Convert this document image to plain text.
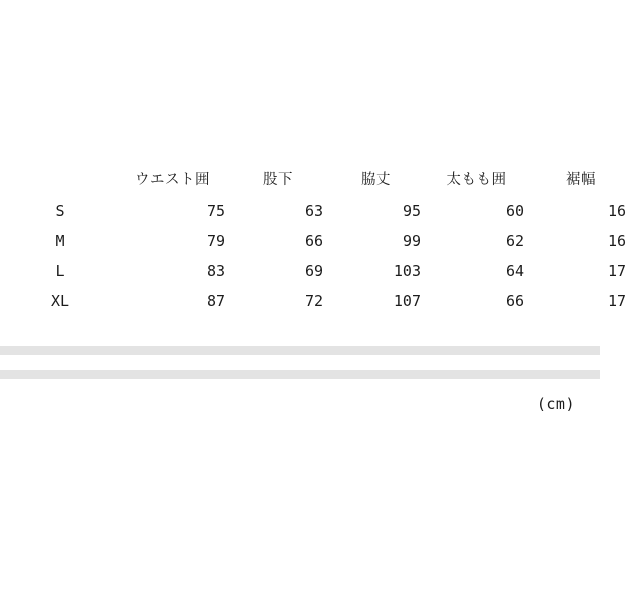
	ウエスト囲	股下	脇丈	太もも囲	裾幅

S	75	63	95	60	16
M	79	66	99	62	16
L	83	69	103	64	17
XL	87	72	107	66	17
(cm)
